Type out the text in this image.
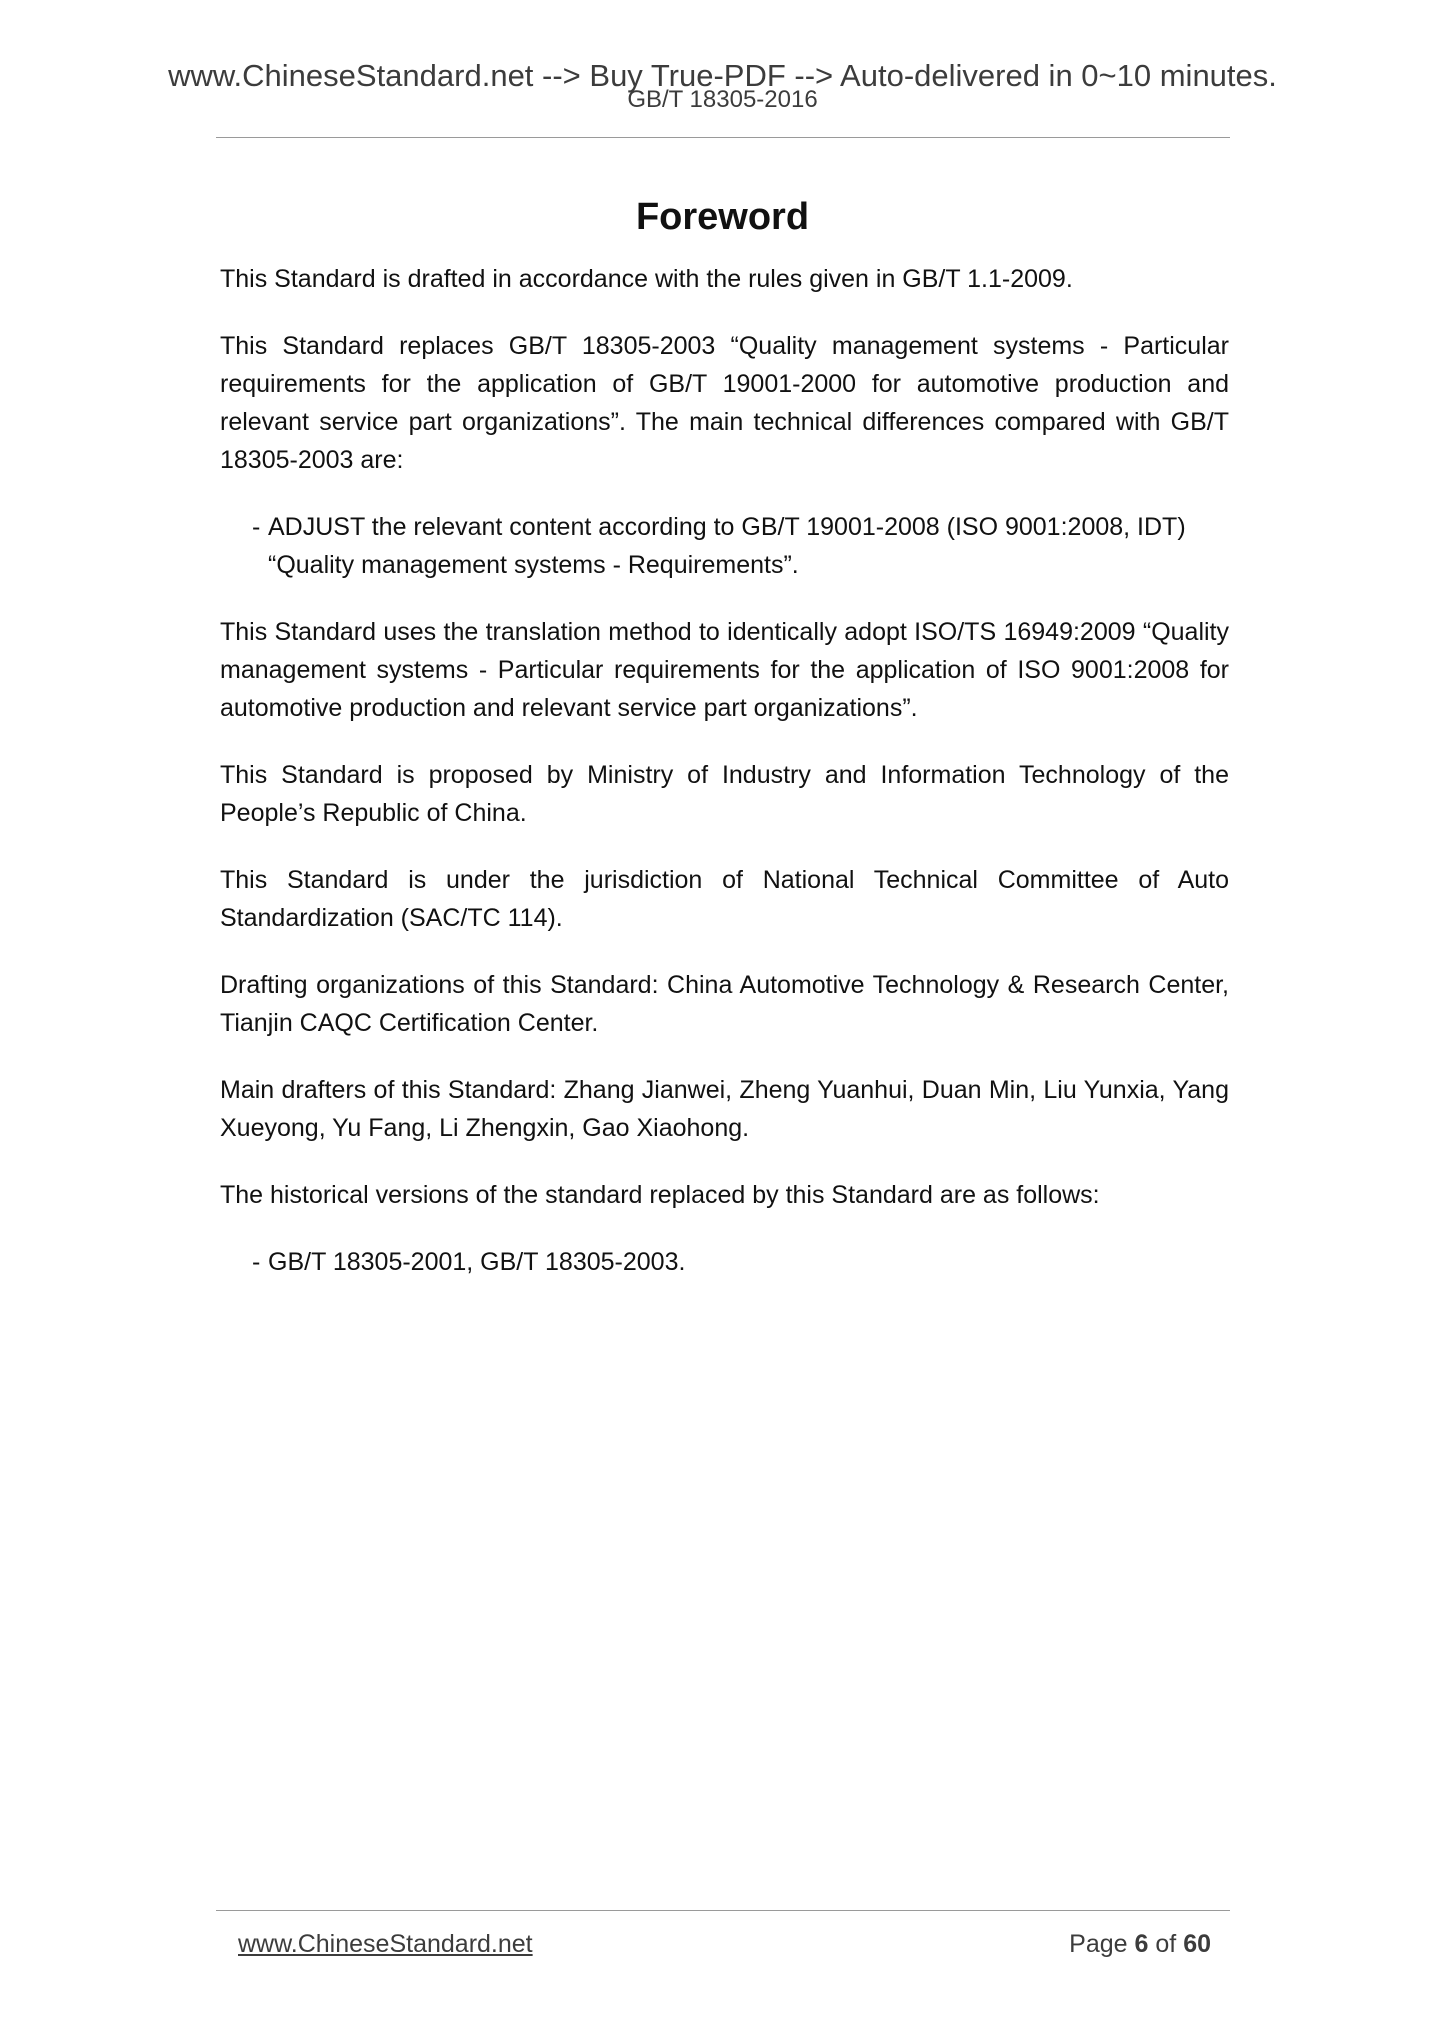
www.ChineseStandard.net --> Buy True-PDF --> Auto-delivered in 0~10 minutes.
GB/T 18305-2016
Foreword

This Standard is drafted in accordance with the rules given in GB/T 1.1-2009.

This Standard replaces GB/T 18305-2003 “Quality management systems - Particular requirements for the application of GB/T 19001-2000 for automotive production and relevant service part organizations”. The main technical differences compared with GB/T 18305-2003 are:

- ADJUST the relevant content according to GB/T 19001-2008 (ISO 9001:2008, IDT) “Quality management systems - Requirements”.

This Standard uses the translation method to identically adopt ISO/TS 16949:2009 “Quality management systems - Particular requirements for the application of ISO 9001:2008 for automotive production and relevant service part organizations”.

This Standard is proposed by Ministry of Industry and Information Technology of the People’s Republic of China.

This Standard is under the jurisdiction of National Technical Committee of Auto Standardization (SAC/TC 114).

Drafting organizations of this Standard: China Automotive Technology & Research Center, Tianjin CAQC Certification Center.

Main drafters of this Standard: Zhang Jianwei, Zheng Yuanhui, Duan Min, Liu Yunxia, Yang Xueyong, Yu Fang, Li Zhengxin, Gao Xiaohong.

The historical versions of the standard replaced by this Standard are as follows:

- GB/T 18305-2001, GB/T 18305-2003.
www.ChineseStandard.net	Page 6 of 60
